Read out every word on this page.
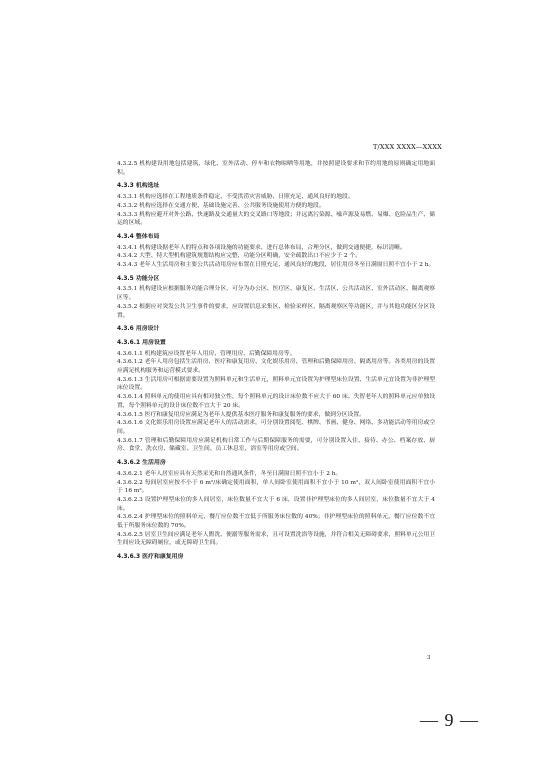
T/XXX XXXX—XXXX
4.3.2.5 机构建设用地包括建筑、绿化、室外活动、停车和衣物晾晒等用地，并按照建设要求和节约用地的原则确定用地面积。
4.3.3 机构选址
4.3.3.1 机构应选择在工程地质条件稳定、不受洪涝灾害威胁、日照充足、通风良好的地段。
4.3.3.2 机构应选择在交通方便、基础设施完善、公共服务设施使用方便的地段。
4.3.3.3 机构应避开对外公路、快速路及交通量大的交叉路口等地段；并远离污染源、噪声源及易燃、易爆、危险品生产、储运的区域。
4.3.4 整体布局
4.3.4.1 机构建设据老年人的特点和各项设施的功能要求，进行总体布局，合理分区，做到交通便捷，标识清晰。
4.3.4.2 大型、特大型机构建筑规划结构应完整，功能分区明确，安全疏散出口不应少于 2 个。
4.3.4.3 老年人生活用房和主要公共活动用房应布置在日照充足、通风良好的地段，居住用房冬至日满窗日照不宜小于 2 h。
4.3.5 功能分区
4.3.5.1 机构建设应根据服务功能合理分区，可分为办公区、医疗区、康复区、生活区、公共活动区、室外活动区、隔离观察区等。
4.3.5.2 根据应对突发公共卫生事件的要求，应设置信息采集区、检验采样区、隔离观察区等功能区，并与其他功能区分区设置。
4.3.6 用房设计
4.3.6.1 用房设置
4.3.6.1.1 机构建筑应设置老年人用房、管理用房、后勤保障用房等。
4.3.6.1.2 老年人用房包括生活用房、医疗和康复用房、文化娱乐用房、管理和后勤保障用房、隔离用房等。各类用房的设置应满足机构服务和运营模式要求。
4.3.6.1.3 生活用房可根据需要设置为照料单元和生活单元，照料单元宜设置为护理型床位设置，生活单元宜设置为非护理型床位设置。
4.3.6.1.4 照料单元的使用应具有相对独立性，每个照料单元的设计床位数不应大于 60 床。失智老年人的照料单元应单独设置，每个照料单元的设计床位数不宜大于 20 床。
4.3.6.1.5 医疗和康复用房应满足为老年人提供基本医疗服务和康复服务的要求，做到分区设置。
4.3.6.1.6 文化娱乐用房设置应满足老年人的活动需求，可分别设置阅览、棋牌、书画、健身、网络、多功能活动等用房或空间。
4.3.6.1.7 管理和后勤保障用房应满足机构日常工作与后期保障服务的需要，可分别设置入住、接待、办公、档案存放、厨房、食堂、洗衣房、储藏室、卫生间、员工休息室、浴室等用房或空间。
4.3.6.2 生活用房
4.3.6.2.1 老年人居室应具有天然采光和自然通风条件，冬至日满窗日照不宜小于 2 h。
4.3.6.2.2 每间居室应按不小于 6 m²/床确定使用面积，单人间卧室使用面积不宜小于 10 m²，双人间卧室使用面积不宜小于 16 m²。
4.3.6.2.3 设置护理型床位的多人间居室，床位数量不宜大于 6 床，设置非护理型床位的多人间居室，床位数量不宜大于 4 床。
4.3.6.2.4 护理型床位的照料单元，餐厅应位数不宜低于所服务床位数的 40%；非护理型床位的照料单元，餐厅应位数不宜低于所服务床位数的 70%。
4.3.6.2.5 居室卫生间应满足老年人盥洗、便溺等服务需求，且可设置洗浴等设施，并符合相关无障碍要求，照料单元公用卫生间应设无障碍厕位，或无障碍卫生间。
4.3.6.3 医疗和康复用房
3
— 9 —
